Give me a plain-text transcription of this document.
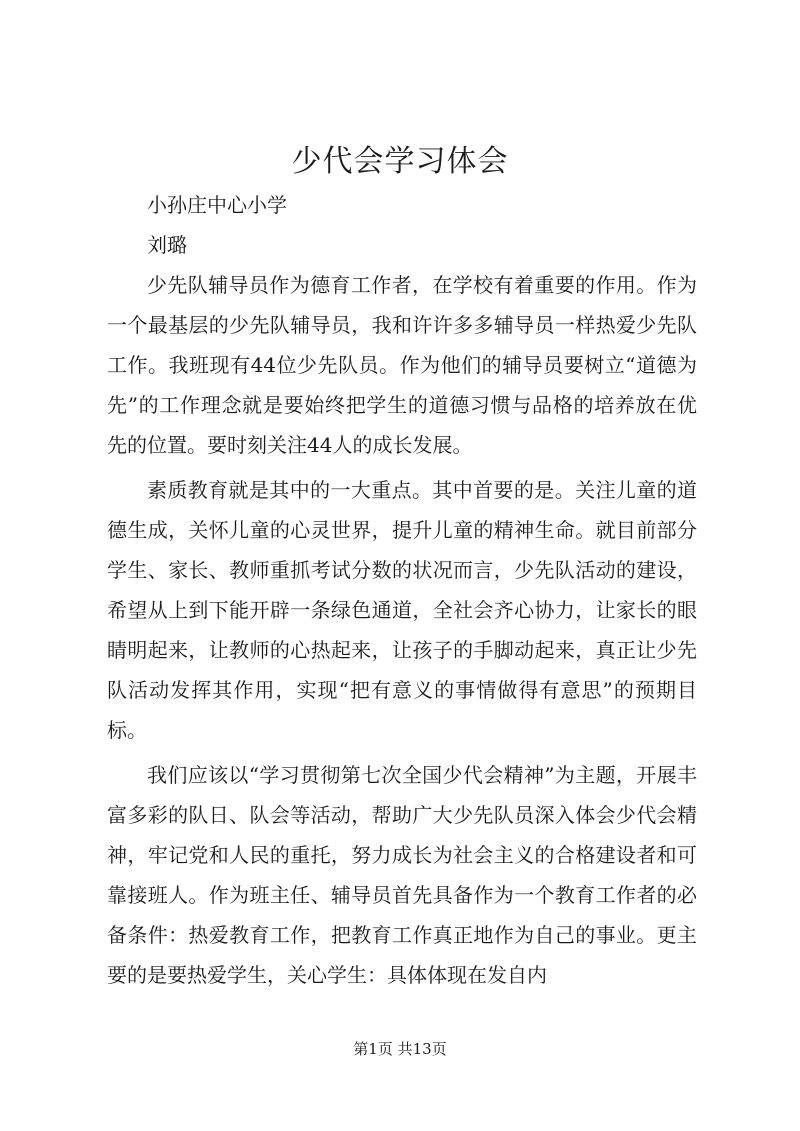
少代会学习体会

小孙庄中心小学

刘璐

少先队辅导员作为德育工作者，在学校有着重要的作用。作为一个最基层的少先队辅导员，我和许许多多辅导员一样热爱少先队工作。我班现有44位少先队员。作为他们的辅导员要树立“道德为先”的工作理念就是要始终把学生的道德习惯与品格的培养放在优先的位置。要时刻关注44人的成长发展。

素质教育就是其中的一大重点。其中首要的是。关注儿童的道德生成，关怀儿童的心灵世界，提升儿童的精神生命。就目前部分学生、家长、教师重抓考试分数的状况而言，少先队活动的建设，希望从上到下能开辟一条绿色通道，全社会齐心协力，让家长的眼睛明起来，让教师的心热起来，让孩子的手脚动起来，真正让少先队活动发挥其作用，实现“把有意义的事情做得有意思”的预期目标。

我们应该以“学习贯彻第七次全国少代会精神”为主题，开展丰富多彩的队日、队会等活动，帮助广大少先队员深入体会少代会精神，牢记党和人民的重托，努力成长为社会主义的合格建设者和可靠接班人。作为班主任、辅导员首先具备作为一个教育工作者的必备条件：热爱教育工作，把教育工作真正地作为自己的事业。更主要的是要热爱学生，关心学生：具体体现在发自内

第1页 共13页
